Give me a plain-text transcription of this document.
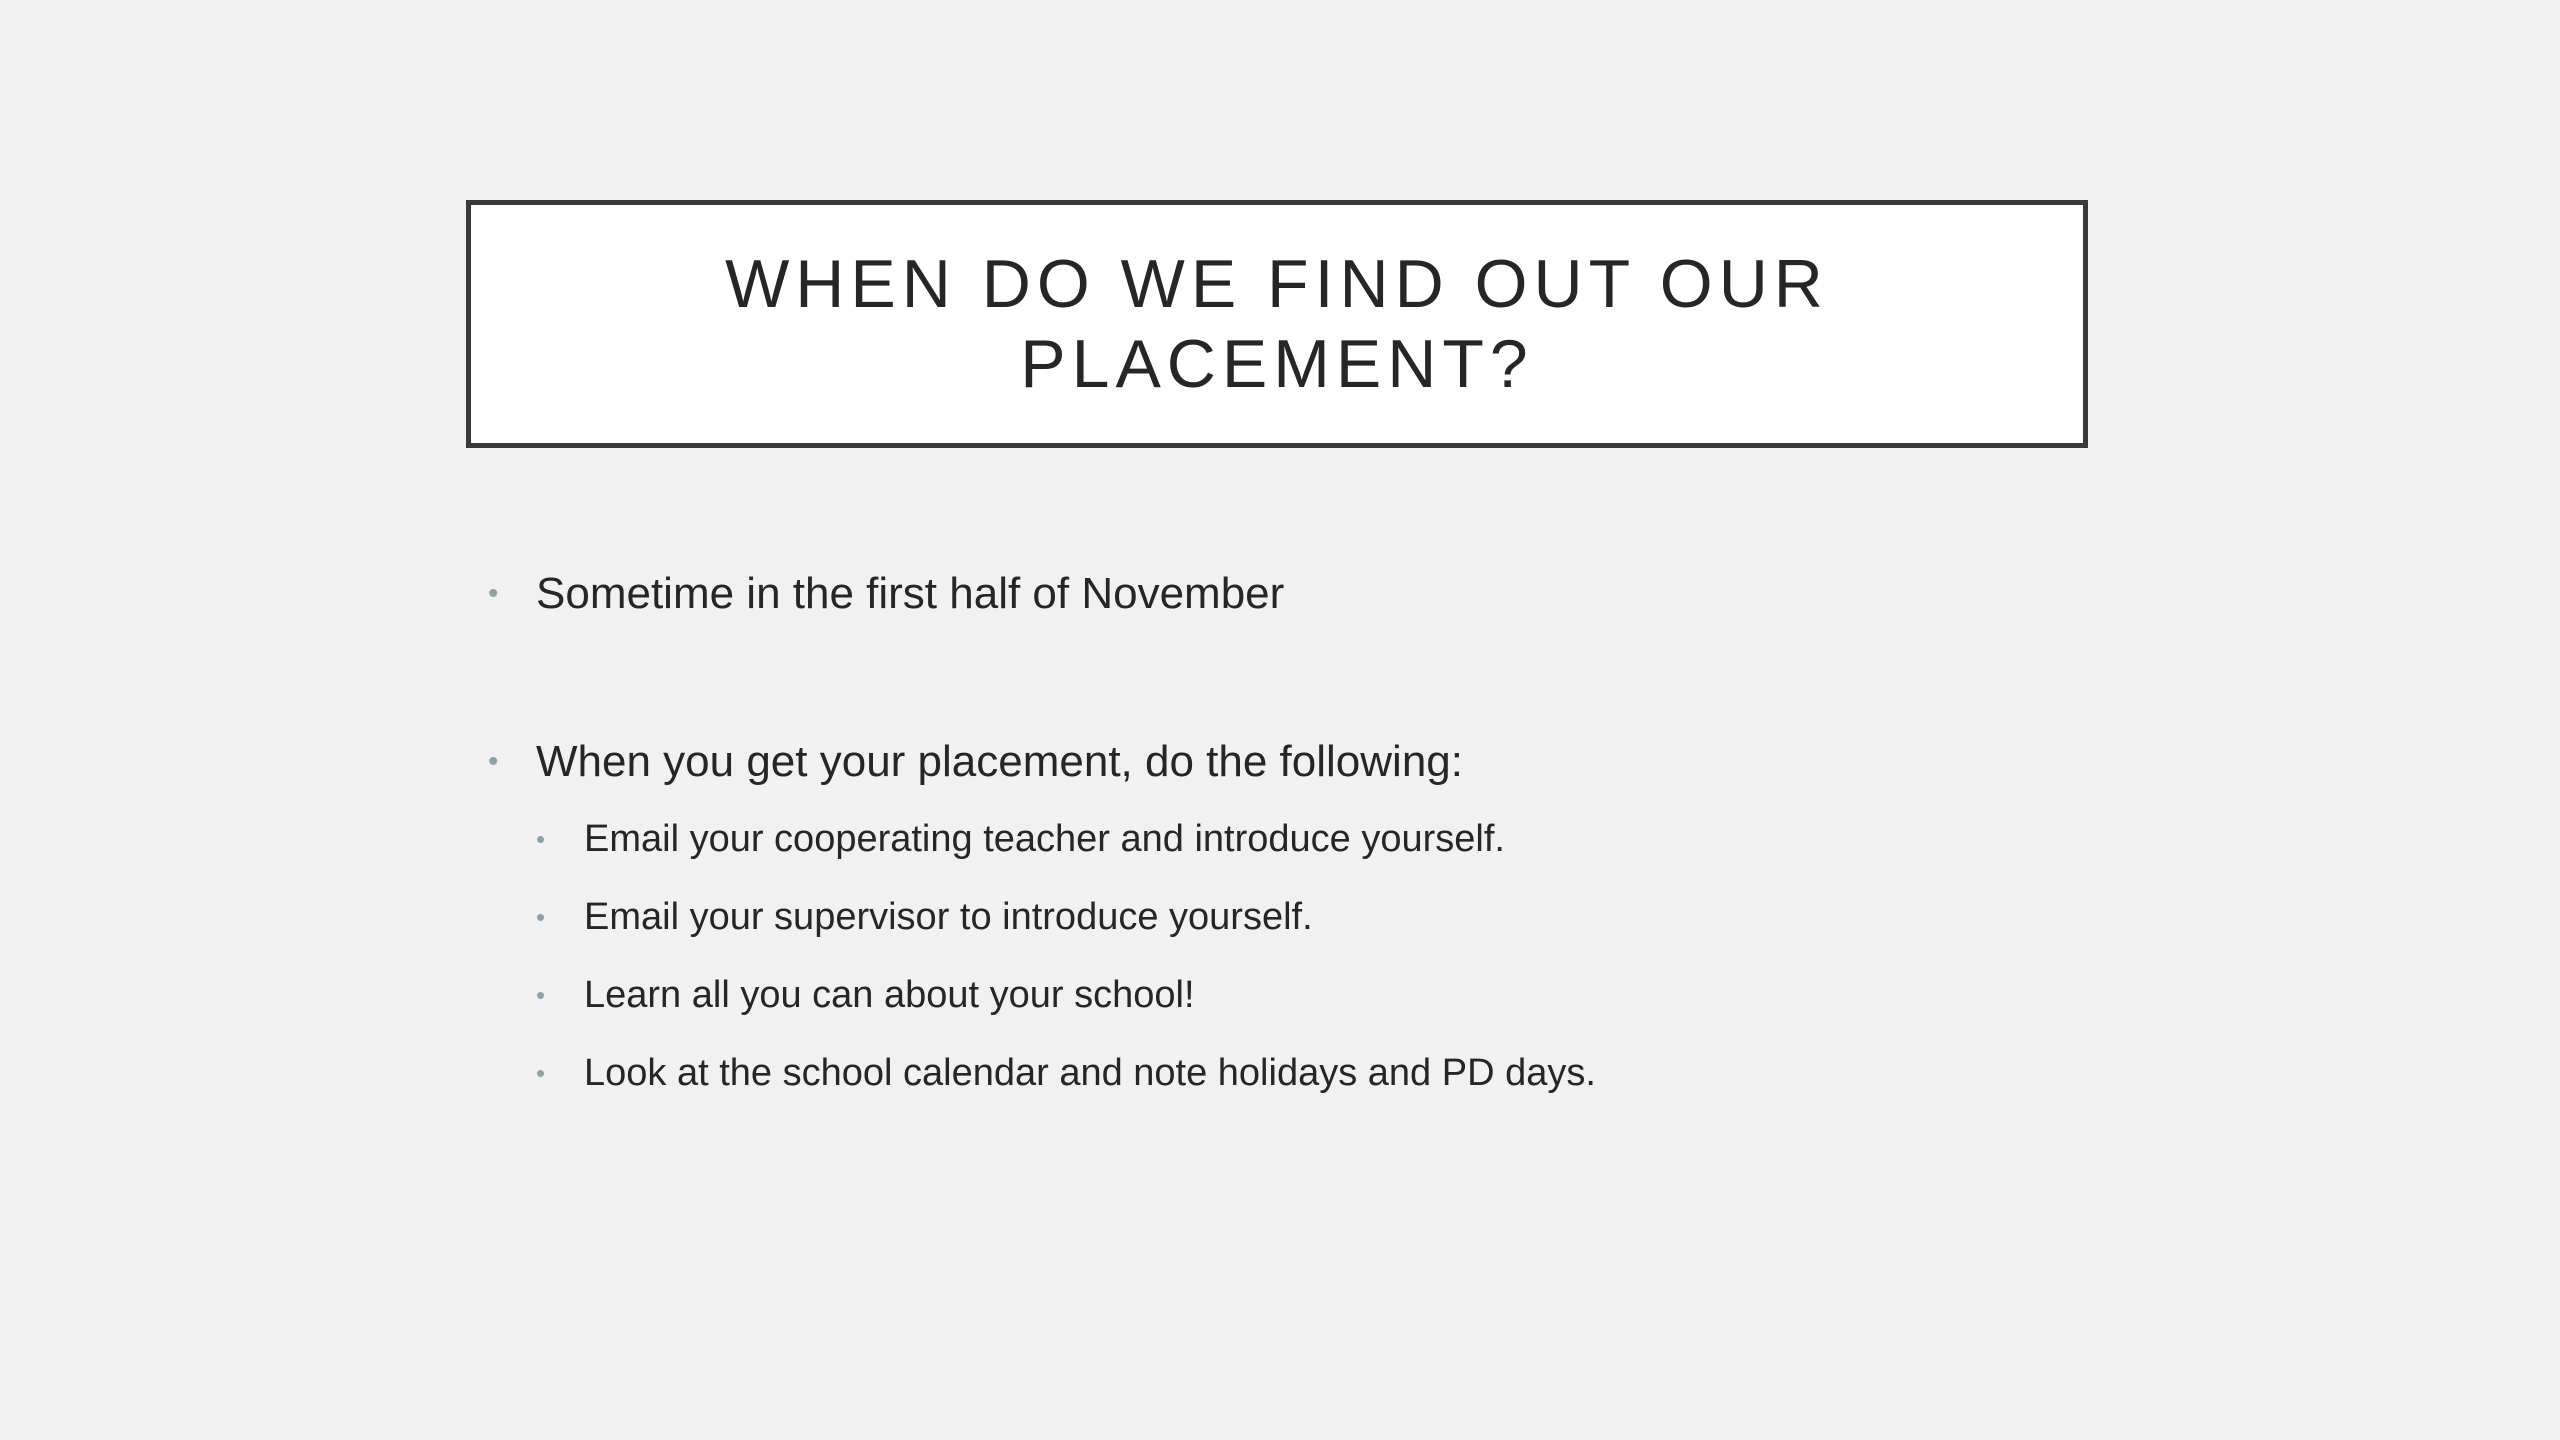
WHEN DO WE FIND OUT OUR PLACEMENT?
• Sometime in the first half of November
• When you get your placement, do the following:
• Email your cooperating teacher and introduce yourself.
• Email your supervisor to introduce yourself.
• Learn all you can about your school!
• Look at the school calendar and note holidays and PD days.
